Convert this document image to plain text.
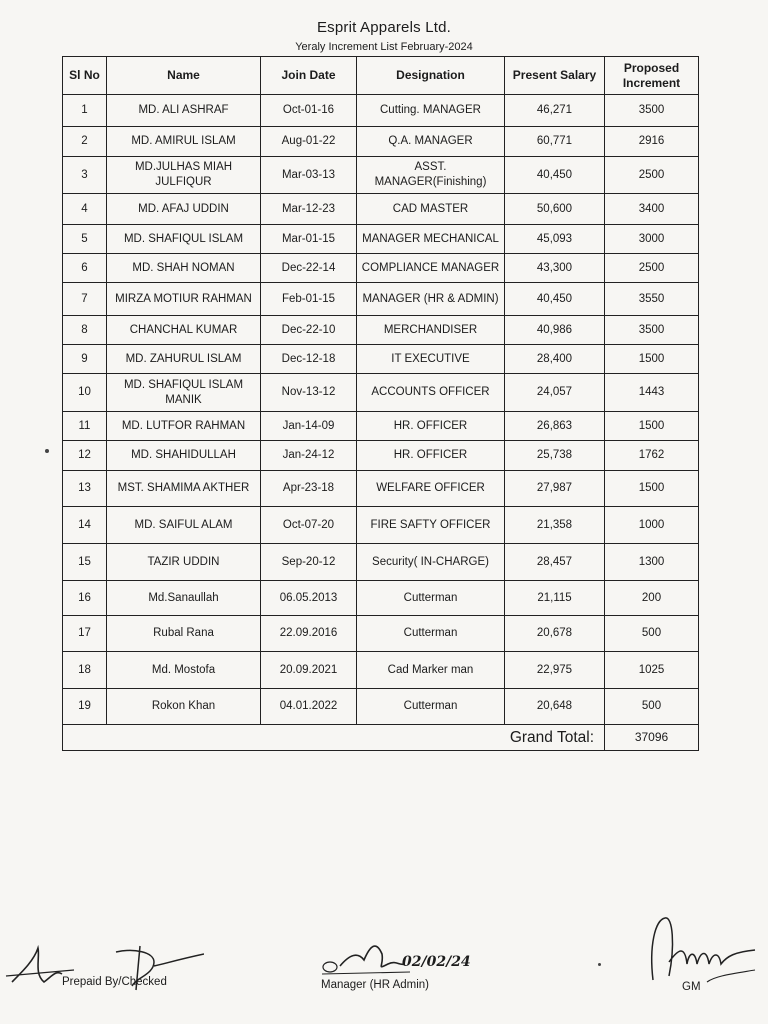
Esprit Apparels Ltd.
Yeraly Increment List February-2024
Sl No	Name	Join Date	Designation	Present Salary	Proposed Increment
1	MD. ALI ASHRAF	Oct-01-16	Cutting. MANAGER	46,271	3500
2	MD. AMIRUL ISLAM	Aug-01-22	Q.A. MANAGER	60,771	2916
3	MD.JULHAS MIAH JULFIQUR	Mar-03-13	ASST. MANAGER(Finishing)	40,450	2500
4	MD. AFAJ UDDIN	Mar-12-23	CAD MASTER	50,600	3400
5	MD. SHAFIQUL ISLAM	Mar-01-15	MANAGER MECHANICAL	45,093	3000
6	MD. SHAH NOMAN	Dec-22-14	COMPLIANCE MANAGER	43,300	2500
7	MIRZA MOTIUR RAHMAN	Feb-01-15	MANAGER (HR & ADMIN)	40,450	3550
8	CHANCHAL KUMAR	Dec-22-10	MERCHANDISER	40,986	3500
9	MD. ZAHURUL ISLAM	Dec-12-18	IT EXECUTIVE	28,400	1500
10	MD. SHAFIQUL ISLAM MANIK	Nov-13-12	ACCOUNTS OFFICER	24,057	1443
11	MD. LUTFOR RAHMAN	Jan-14-09	HR. OFFICER	26,863	1500
12	MD. SHAHIDULLAH	Jan-24-12	HR. OFFICER	25,738	1762
13	MST. SHAMIMA AKTHER	Apr-23-18	WELFARE OFFICER	27,987	1500
14	MD. SAIFUL ALAM	Oct-07-20	FIRE SAFTY OFFICER	21,358	1000
15	TAZIR UDDIN	Sep-20-12	Security( IN-CHARGE)	28,457	1300
16	Md.Sanaullah	06.05.2013	Cutterman	21,115	200
17	Rubal Rana	22.09.2016	Cutterman	20,678	500
18	Md. Mostofa	20.09.2021	Cad Marker man	22,975	1025
19	Rokon Khan	04.01.2022	Cutterman	20,648	500
Grand Total:					37096
Prepaid By/Checked
02/02/24
Manager (HR Admin)	GM
